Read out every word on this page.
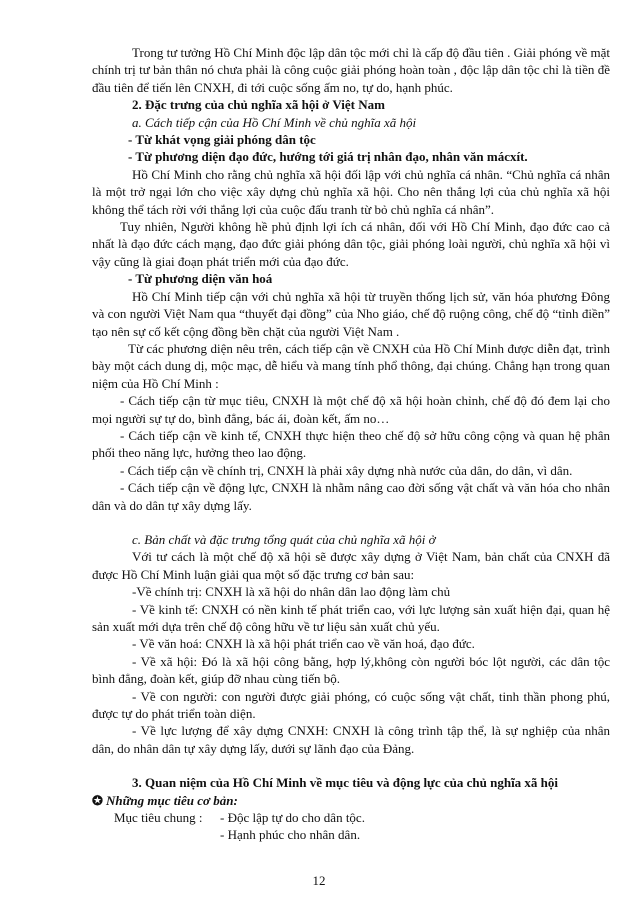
Trong tư tưởng Hồ Chí Minh độc lập dân tộc mới chỉ là cấp độ đầu tiên . Giải phóng về mặt chính trị tư bản thân nó chưa phải là công cuộc giải phóng hoàn toàn , độc lập dân tộc chỉ là tiền đề đầu tiên để tiến lên CNXH, đi tới cuộc sống ấm no, tự do, hạnh phúc.

2. Đặc trưng của chủ nghĩa xã hội ở Việt Nam

a. Cách tiếp cận của Hồ Chí Minh về chủ nghĩa xã hội

- Từ khát vọng giải phóng dân tộc

- Từ phương diện đạo đức, hướng tới giá trị nhân đạo, nhân văn mácxít.

Hồ Chí Minh cho rằng chủ nghĩa xã hội đối lập với chủ nghĩa cá nhân. “Chủ nghĩa cá nhân là một trở ngại lớn cho việc xây dựng chủ nghĩa xã hội. Cho nên thắng lợi của chủ nghĩa xã hội không thể tách rời với thắng lợi của cuộc đấu tranh từ bỏ chủ nghĩa cá nhân”.

Tuy nhiên, Người không hề phủ định lợi ích cá nhân, đối với Hồ Chí Minh, đạo đức cao cả nhất là đạo đức cách mạng, đạo đức giải phóng dân tộc, giải phóng loài người, chủ nghĩa xã hội vì vậy cũng là giai đoạn phát triển mới của đạo đức.

- Từ phương diện văn hoá

Hồ Chí Minh tiếp cận với chủ nghĩa xã hội từ truyền thống lịch sử, văn hóa phương Đông và con người Việt Nam qua “thuyết đại đồng” của Nho giáo, chế độ ruộng công, chế độ “tỉnh điền” tạo nên sự cố kết cộng đồng bền chặt của người Việt Nam .

Từ các phương diện nêu trên, cách tiếp cận về CNXH của Hồ Chí Minh được diễn đạt, trình bày một cách dung dị, mộc mạc, dễ hiểu và mang tính phổ thông, đại chúng. Chẳng hạn trong quan niệm của Hồ Chí Minh :

- Cách tiếp cận từ mục tiêu, CNXH là một chế độ xã hội hoàn chỉnh, chế độ đó đem lại cho mọi người sự tự do, bình đẳng, bác ái, đoàn kết, ấm no…

- Cách tiếp cận về kinh tế, CNXH thực hiện theo chế độ sở hữu công cộng và quan hệ phân phối theo năng lực, hưởng theo lao động.

- Cách tiếp cận về chính trị, CNXH là phải xây dựng nhà nước của dân, do dân, vì dân.

- Cách tiếp cận về động lực, CNXH là nhằm nâng cao đời sống vật chất và văn hóa cho nhân dân và do dân tự xây dựng lấy.

c. Bản chất và đặc trưng tổng quát của chủ nghĩa xã hội ở

Với tư cách là một chế độ xã hội sẽ được xây dựng ở Việt Nam, bản chất của CNXH đã được Hồ Chí Minh luận giải qua một số đặc trưng cơ bản sau:

-Về chính trị: CNXH là xã hội do nhân dân lao động làm chủ

- Về kinh tế: CNXH có nền kinh tế phát triển cao, với lực lượng sản xuất hiện đại, quan hệ sản xuất mới dựa trên chế độ công hữu về tư liệu sản xuất chủ yếu.

- Về văn hoá: CNXH là xã hội phát triển cao về văn hoá, đạo đức.

- Về xã hội: Đó là xã hội công bằng, hợp lý,không còn người bóc lột người, các dân tộc bình đẳng, đoàn kết, giúp đỡ nhau cùng tiến bộ.

- Về con người: con người được giải phóng, có cuộc sống vật chất, tinh thần phong phú, được tự do phát triển toàn diện.

- Về lực lượng để xây dựng CNXH: CNXH là công trình tập thể, là sự nghiệp của nhân dân, do nhân dân tự xây dựng lấy, dưới sự lãnh đạo của Đảng.

3. Quan niệm của Hồ Chí Minh về mục tiêu và động lực của chủ nghĩa xã hội

✪ Những mục tiêu cơ bản:

Mục tiêu chung :	- Độc lập tự do cho dân tộc.
- Hạnh phúc cho nhân dân.
12
